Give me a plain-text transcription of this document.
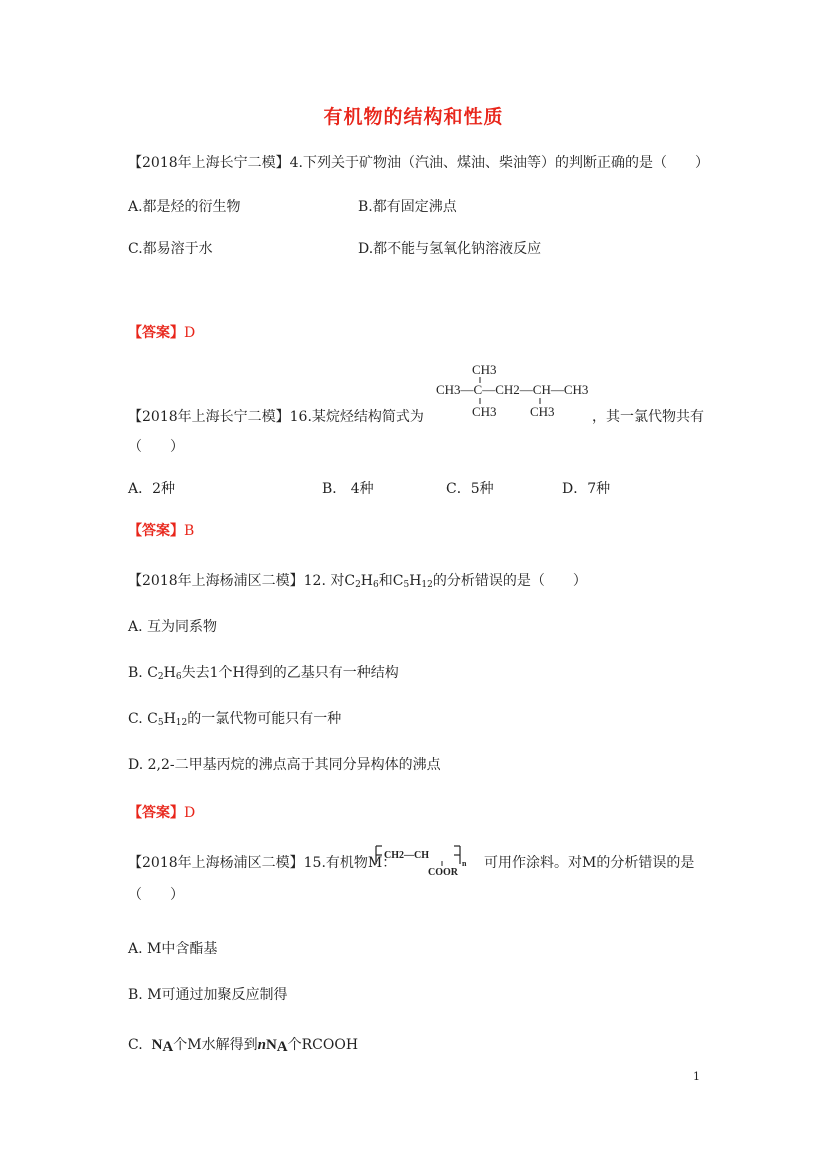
有机物的结构和性质
【2018年上海长宁二模】4.下列关于矿物油（汽油、煤油、柴油等）的判断正确的是（　　）
A.都是烃的衍生物	B.都有固定沸点
C.都易溶于水	D.都不能与氢氧化钠溶液反应
【答案】D
【2018年上海长宁二模】16.某烷烃结构简式为
CH3
CH3—C—CH2—CH—CH3
CH3	CH3	，其一氯代物共有
（　　）
A．2种	B． 4种	C．5种	D．7种
【答案】B
【2018年上海杨浦区二模】12. 对$C_2H_6$和$C_5H_{12}$的分析错误的是（　　）
A. 互为同系物
B. $C_2H_6$失去1个H得到的乙基只有一种结构
C. $C_5H_{12}$的一氯代物可能只有一种
D. 2,2-二甲基丙烷的沸点高于其同分异构体的沸点
【答案】D
【2018年上海杨浦区二模】15.有机物M：
CH2—CH
COOR
n 可用作涂料。对M的分析错误的是
（　　）
A. M中含酯基
B. M可通过加聚反应制得
C. $N_A$个M水解得到$nN_A$个RCOOH
1
